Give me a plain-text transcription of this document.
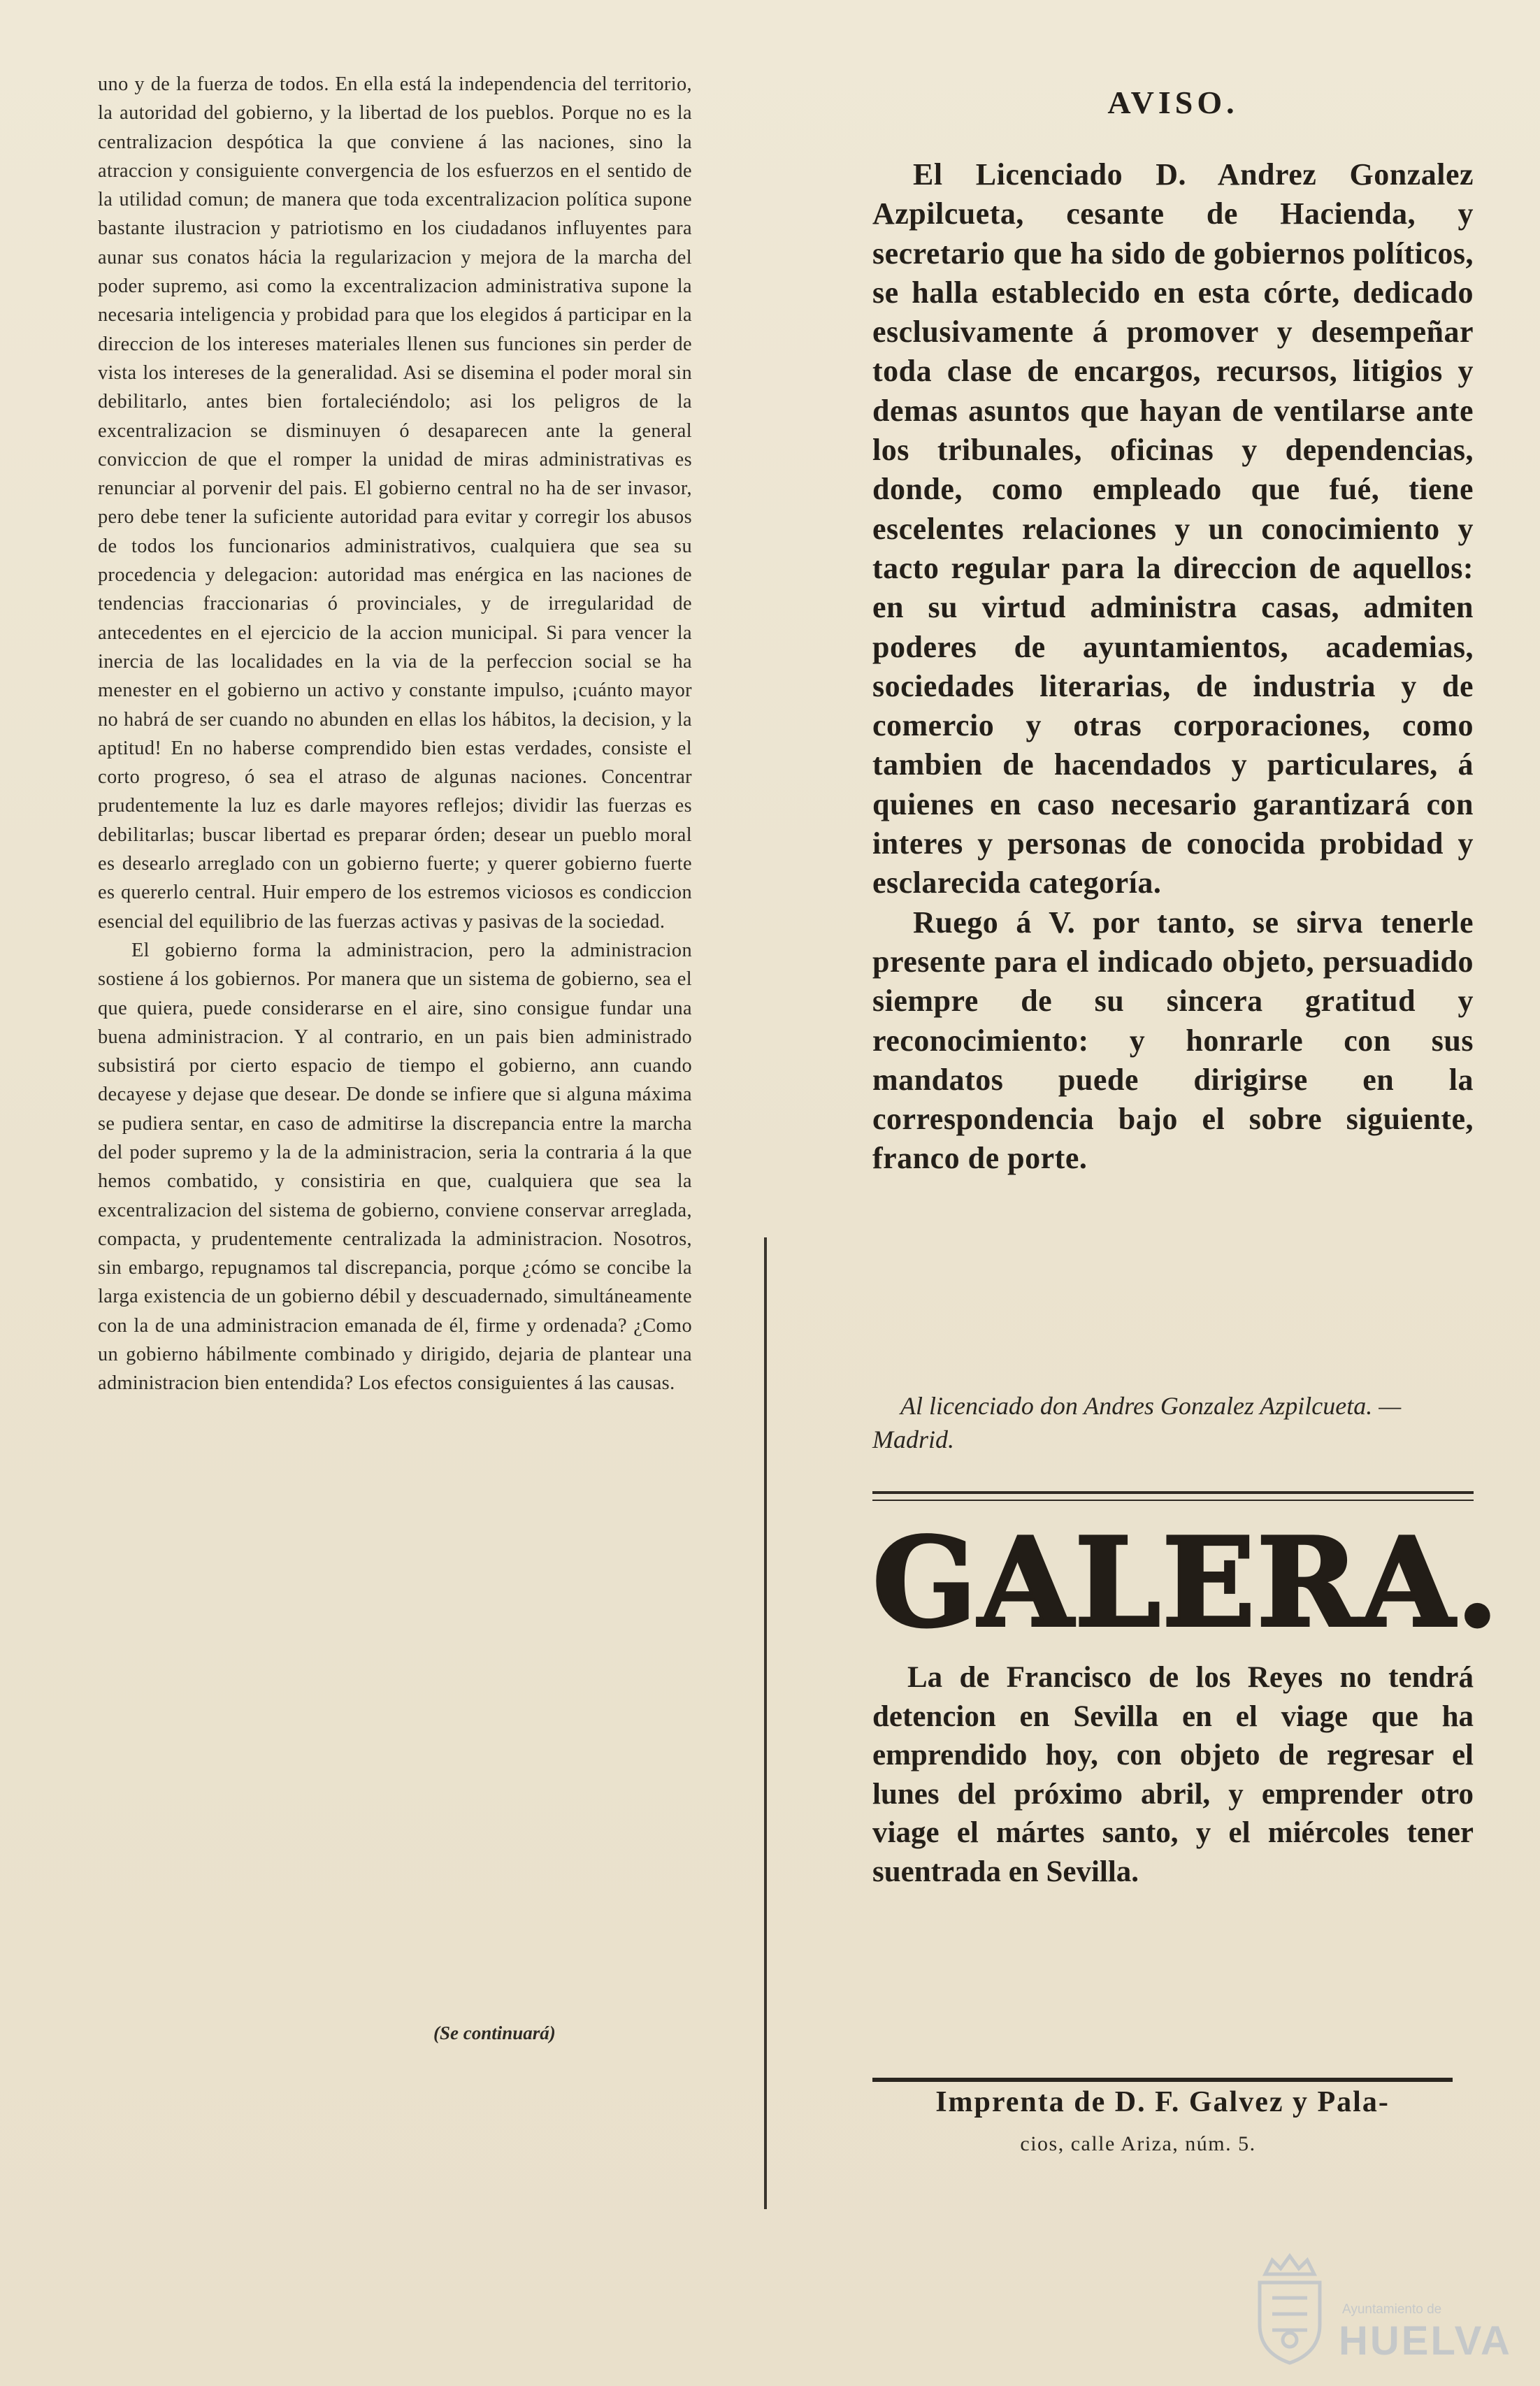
uno y de la fuerza de todos. En ella está la independencia del territorio, la autoridad del gobierno, y la libertad de los pueblos. Porque no es la centralizacion despótica la que conviene á las naciones, sino la atraccion y consiguiente convergencia de los esfuerzos en el sentido de la utilidad comun; de manera que toda excentralizacion política supone bastante ilustracion y patriotismo en los ciudadanos influyentes para aunar sus conatos hácia la regularizacion y mejora de la marcha del poder supremo, asi como la excentralizacion administrativa supone la necesaria inteligencia y probidad para que los elegidos á participar en la direccion de los intereses materiales llenen sus funciones sin perder de vista los intereses de la generalidad. Asi se disemina el poder moral sin debilitarlo, antes bien fortaleciéndolo; asi los peligros de la excentralizacion se disminuyen ó desaparecen ante la general conviccion de que el romper la unidad de miras administrativas es renunciar al porvenir del pais. El gobierno central no ha de ser invasor, pero debe tener la suficiente autoridad para evitar y corregir los abusos de todos los funcionarios administrativos, cualquiera que sea su procedencia y delegacion: autoridad mas enérgica en las naciones de tendencias fraccionarias ó provinciales, y de irregularidad de antecedentes en el ejercicio de la accion municipal. Si para vencer la inercia de las localidades en la via de la perfeccion social se ha menester en el gobierno un activo y constante impulso, ¡cuánto mayor no habrá de ser cuando no abunden en ellas los hábitos, la decision, y la aptitud! En no haberse comprendido bien estas verdades, consiste el corto progreso, ó sea el atraso de algunas naciones. Concentrar prudentemente la luz es darle mayores reflejos; dividir las fuerzas es debilitarlas; buscar libertad es preparar órden; desear un pueblo moral es desearlo arreglado con un gobierno fuerte; y querer gobierno fuerte es quererlo central. Huir empero de los estremos viciosos es condiccion esencial del equilibrio de las fuerzas activas y pasivas de la sociedad.

El gobierno forma la administracion, pero la administracion sostiene á los gobiernos. Por manera que un sistema de gobierno, sea el que quiera, puede considerarse en el aire, sino consigue fundar una buena administracion. Y al contrario, en un pais bien administrado subsistirá por cierto espacio de tiempo el gobierno, ann cuando decayese y dejase que desear. De donde se infiere que si alguna máxima se pudiera sentar, en caso de admitirse la discrepancia entre la marcha del poder supremo y la de la administracion, seria la contraria á la que hemos combatido, y consistiria en que, cualquiera que sea la excentralizacion del sistema de gobierno, conviene conservar arreglada, compacta, y prudentemente centralizada la administracion. Nosotros, sin embargo, repugnamos tal discrepancia, porque ¿cómo se concibe la larga existencia de un gobierno débil y descuadernado, simultáneamente con la de una administracion emanada de él, firme y ordenada? ¿Como un gobierno hábilmente combinado y dirigido, dejaria de plantear una administracion bien entendida? Los efectos consiguientes á las causas.

(Se continuará)
AVISO.

El Licenciado D. Andrez Gonzalez Azpilcueta, cesante de Hacienda, y secretario que ha sido de gobiernos políticos, se halla establecido en esta córte, dedicado esclusivamente á promover y desempeñar toda clase de encargos, recursos, litigios y demas asuntos que hayan de ventilarse ante los tribunales, oficinas y dependencias, donde, como empleado que fué, tiene escelentes relaciones y un conocimiento y tacto regular para la direccion de aquellos: en su virtud administra casas, admiten poderes de ayuntamientos, academias, sociedades literarias, de industria y de comercio y otras corporaciones, como tambien de hacendados y particulares, á quienes en caso necesario garantizará con interes y personas de conocida probidad y esclarecida categoría.

Ruego á V. por tanto, se sirva tenerle presente para el indicado objeto, persuadido siempre de su sincera gratitud y reconocimiento: y honrarle con sus mandatos puede dirigirse en la correspondencia bajo el sobre siguiente, franco de porte.

Al licenciado don Andres Gonzalez Azpilcueta. —Madrid.

GALERA.

La de Francisco de los Reyes no tendrá detencion en Sevilla en el viage que ha emprendido hoy, con objeto de regresar el lunes del próximo abril, y emprender otro viage el mártes santo, y el miércoles tener suentrada en Sevilla.

Imprenta de D. F. Galvez y Pala-
cios, calle Ariza, núm. 5.
Ayuntamiento de
HUELVA
